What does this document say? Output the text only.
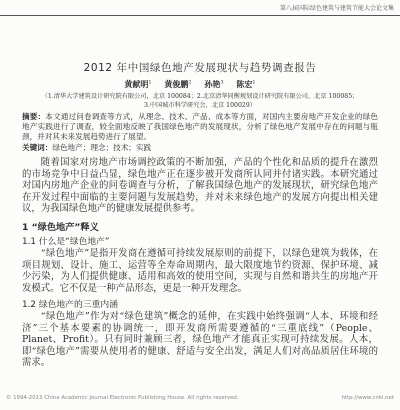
第八届国际绿色建筑与建筑节能大会论文集
2012 年中国绿色地产发展现状与趋势调查报告
黄献明$^1$ 黄俊鹏$^2$ 孙艳$^3$ 陈宏$^1$
（1.清华大学建筑设计研究院有限公司，北京 100084；2.北京清华同衡规划设计研究院有限公司，北京 100085；
3.中国城市科学研究会，北京 100029）

摘要：本文通过问卷调查等方式，从理念、技术、产品、成本等方面，对国内主要房地产开发企业的绿色地产实践进行了调查，较全面地反映了我国绿色地产的发展现状，分析了绿色地产发展中存在的问题与瓶颈，并对其未来发展趋势进行了展望。

关键词：绿色地产；理念；技术；实践

随着国家对房地产市场调控政策的不断加强，产品的个性化和品质的提升在激烈的市场竞争中日益凸显，绿色地产正在逐步被开发商所认同并付诸实践。本研究通过对国内房地产企业的问卷调查与分析，了解我国绿色地产的发展现状，研究绿色地产在开发过程中面临的主要问题与发展趋势，并对未来绿色地产的发展方向提出相关建议，为我国绿色地产的健康发展提供参考。

1 “绿色地产”释义
1.1 什么是“绿色地产”

“绿色地产”是指开发商在遵循可持续发展原则的前提下，以绿色建筑为载体，在项目规划、设计、施工、运营等全寿命周期内，最大限度地节约资源、保护环境、减少污染，为人们提供健康、适用和高效的使用空间，实现与自然和谐共生的房地产开发模式。它不仅是一种产品形态，更是一种开发理念。

1.2 绿色地产的三重内涵

“绿色地产”作为对“绿色建筑”概念的延伸，在实践中始终强调“人本、环境和经济”三个基本要素的协调统一，即开发商所需要遵循的“三重底线”（People、Planet、Profit）。只有同时兼顾三者，绿色地产才能真正实现可持续发展。人本，即“绿色地产”需要从使用者的健康、舒适与安全出发，满足人们对高品质居住环境的需求。

© 1994-2013 China Academic Journal Electronic Publishing House. All rights reserved.	http://www.cnki.net
